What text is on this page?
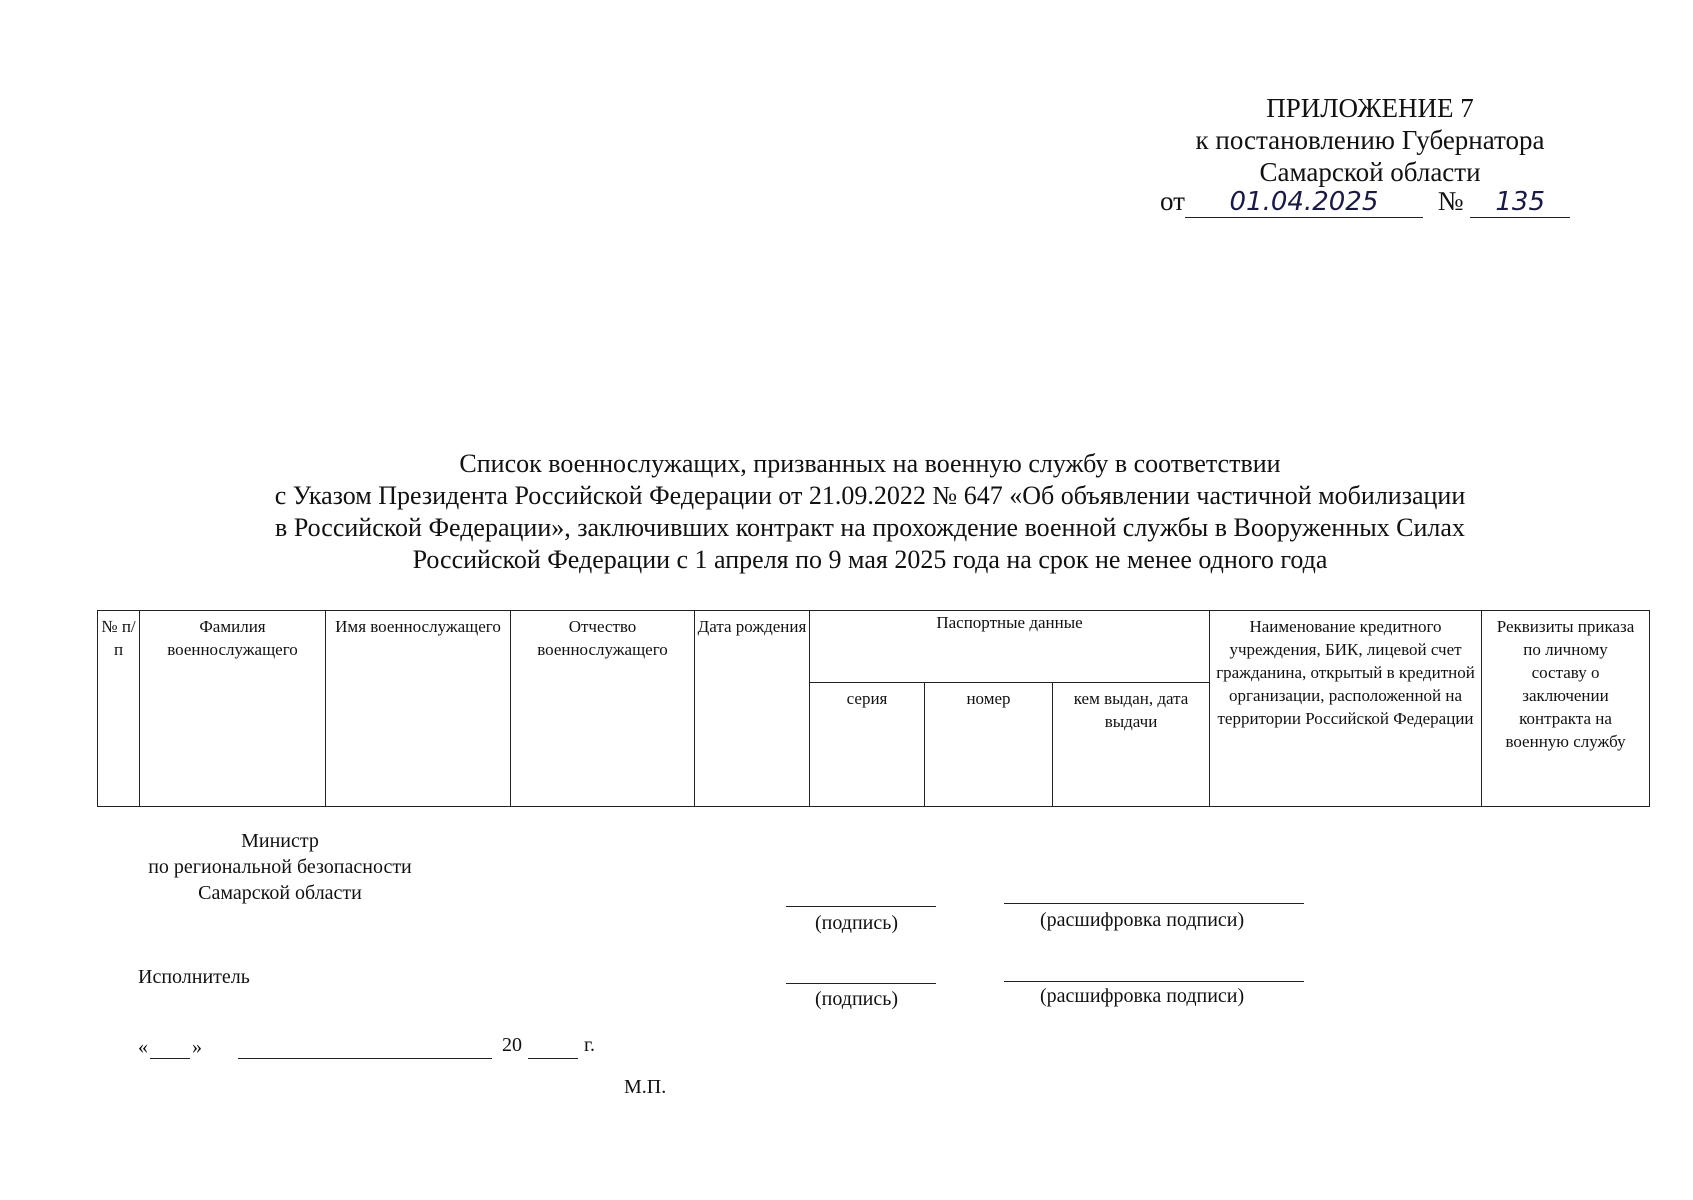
ПРИЛОЖЕНИЕ 7
к постановлению Губернатора
Самарской области
от 01.04.2025 № 135
Список военнослужащих, призванных на военную службу в соответствии
с Указом Президента Российской Федерации от 21.09.2022 № 647 «Об объявлении частичной мобилизации
в Российской Федерации», заключивших контракт на прохождение военной службы в Вооруженных Силах
Российской Федерации с 1 апреля по 9 мая 2025 года на срок не менее одного года
№ п/п	Фамилия военнослужащего	Имя военнослужащего	Отчество военнослужащего	Дата рождения	Паспортные данные			Наименование кредитного учреждения, БИК, лицевой счет гражданина, открытый в кредитной организации, расположенной на территории Российской Федерации	Реквизиты приказа по личному составу о заключении контракта на военную службу
					серия	номер	кем выдан, дата выдачи		
Министр
по региональной безопасности
Самарской области
(подпись)	(расшифровка подписи)
Исполнитель
(подпись)	(расшифровка подписи)
« »	20	г.
М.П.
